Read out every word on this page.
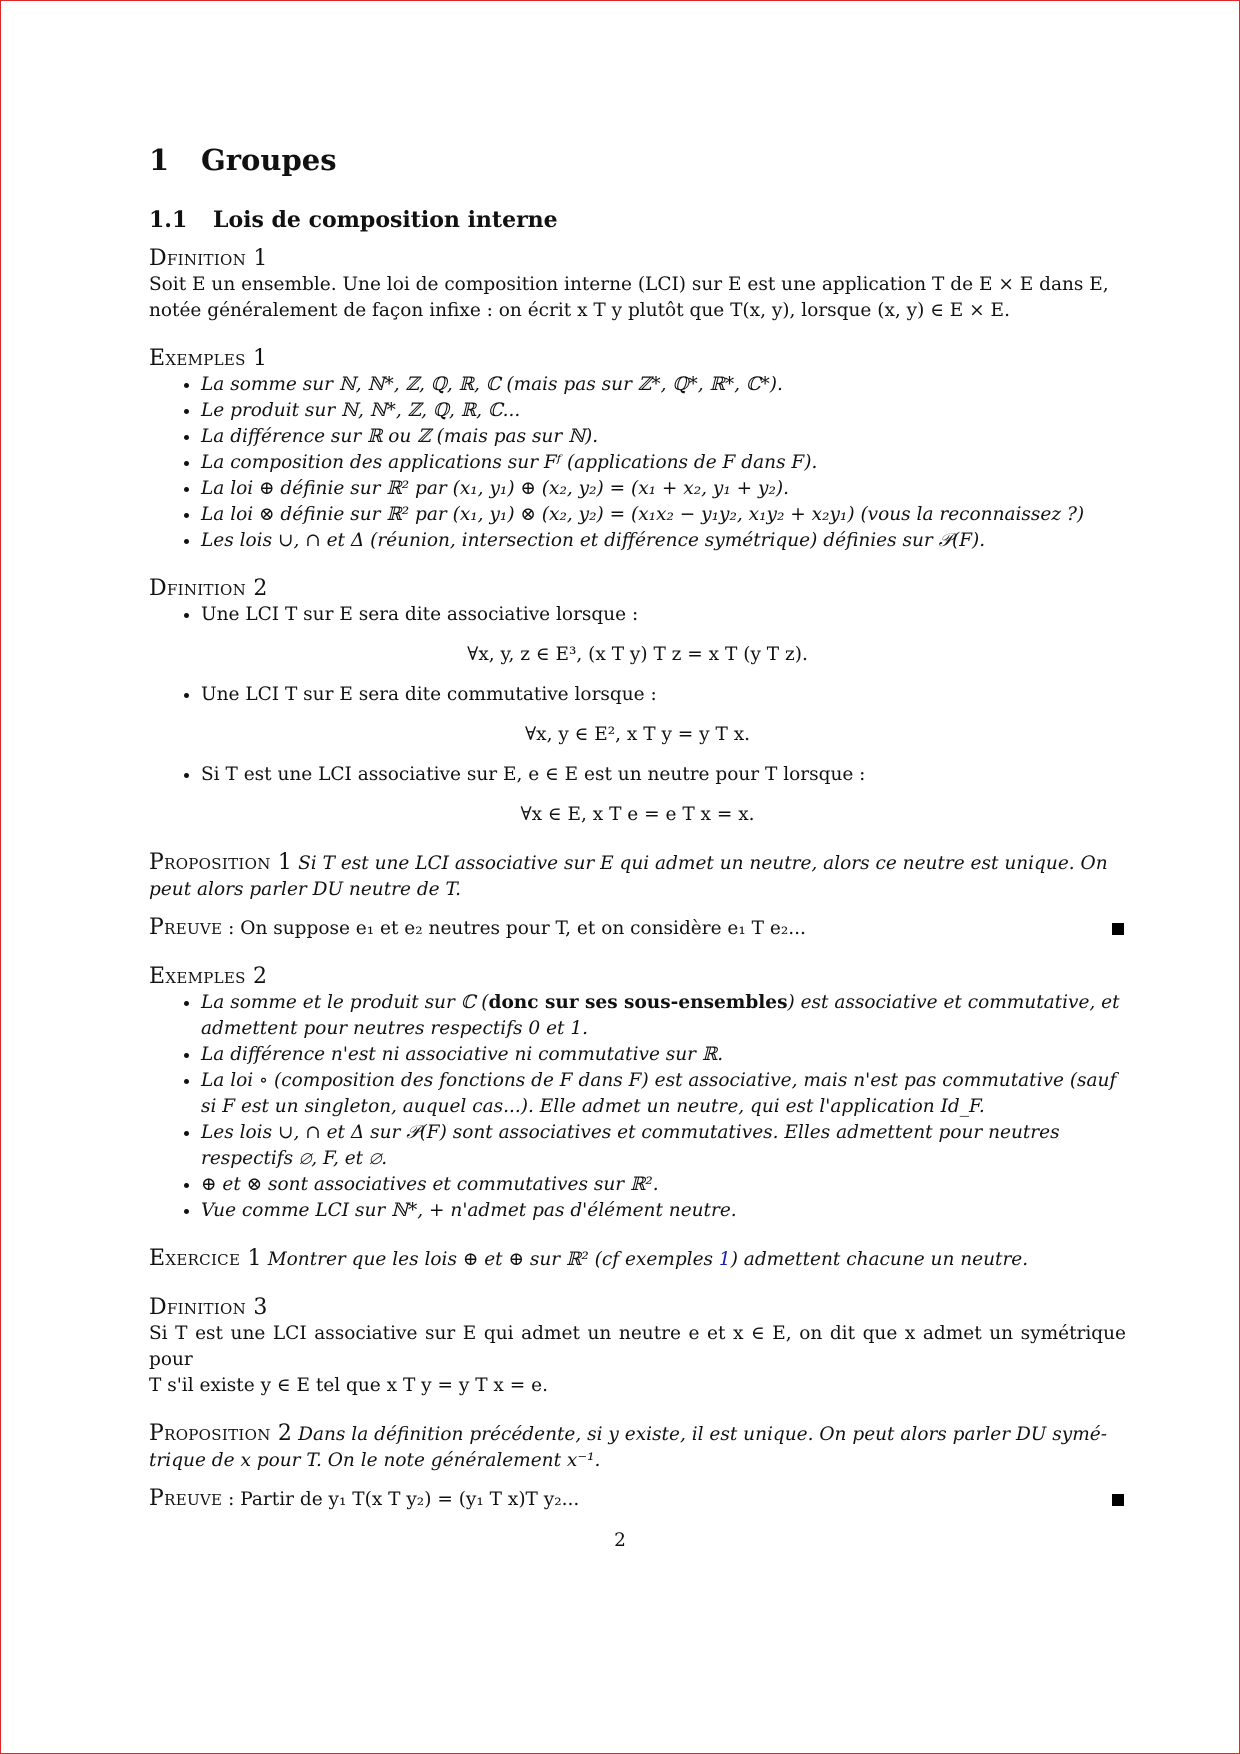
1 Groupes
1.1 Lois de composition interne
Dfinition 1

Soit E un ensemble. Une loi de composition interne (LCI) sur E est une application T de E × E dans E,

notée généralement de façon infixe : on écrit x T y plutôt que T(x, y), lorsque (x, y) ∈ E × E.

Exemples 1
• La somme sur ℕ, ℕ*, ℤ, ℚ, ℝ, ℂ (mais pas sur ℤ*, ℚ*, ℝ*, ℂ*).
• Le produit sur ℕ, ℕ*, ℤ, ℚ, ℝ, ℂ...
• La différence sur ℝ ou ℤ (mais pas sur ℕ).
• La composition des applications sur Fᶠ (applications de F dans F).
• La loi ⊕ définie sur ℝ² par (x₁, y₁) ⊕ (x₂, y₂) = (x₁ + x₂, y₁ + y₂).
• La loi ⊗ définie sur ℝ² par (x₁, y₁) ⊗ (x₂, y₂) = (x₁x₂ − y₁y₂, x₁y₂ + x₂y₁) (vous la reconnaissez ?)
• Les lois ∪, ∩ et Δ (réunion, intersection et différence symétrique) définies sur 𝒫(F).
Dfinition 2
• Une LCI T sur E sera dite associative lorsque :
∀x, y, z ∈ E³, (x T y) T z = x T (y T z).
• Une LCI T sur E sera dite commutative lorsque :
∀x, y ∈ E², x T y = y T x.
• Si T est une LCI associative sur E, e ∈ E est un neutre pour T lorsque :
∀x ∈ E, x T e = e T x = x.

Proposition 1 Si T est une LCI associative sur E qui admet un neutre, alors ce neutre est unique. On

peut alors parler DU neutre de T.

Preuve : On suppose e₁ et e₂ neutres pour T, et on considère e₁ T e₂...
Exemples 2
• La somme et le produit sur ℂ (donc sur ses sous-ensembles) est associative et commutative, et admettent pour neutres respectifs 0 et 1.
• La différence n'est ni associative ni commutative sur ℝ.
• La loi ∘ (composition des fonctions de F dans F) est associative, mais n'est pas commutative (sauf si F est un singleton, auquel cas...). Elle admet un neutre, qui est l'application Id_F.
• Les lois ∪, ∩ et Δ sur 𝒫(F) sont associatives et commutatives. Elles admettent pour neutres respectifs ∅, F, et ∅.
• ⊕ et ⊗ sont associatives et commutatives sur ℝ².
• Vue comme LCI sur ℕ*, + n'admet pas d'élément neutre.

Exercice 1 Montrer que les lois ⊕ et ⊕ sur ℝ² (cf exemples 1) admettent chacune un neutre.

Dfinition 3

Si T est une LCI associative sur E qui admet un neutre e et x ∈ E, on dit que x admet un symétrique pour

T s'il existe y ∈ E tel que x T y = y T x = e.

Proposition 2 Dans la définition précédente, si y existe, il est unique. On peut alors parler DU symé-

trique de x pour T. On le note généralement x⁻¹.

Preuve : Partir de y₁ T(x T y₂) = (y₁ T x)T y₂...
2
